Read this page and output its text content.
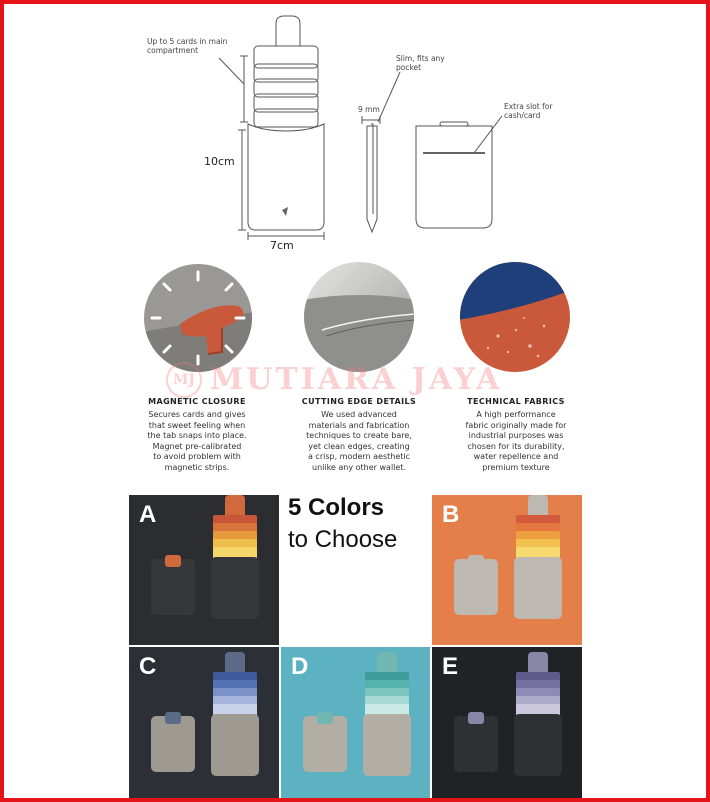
Up to 5 cards in main compartment
Slim, fits any pocket
9 mm	Extra slot for cash/card
10cm
7cm
MJ MUTIARA JAYA
MAGNETIC CLOSURE
Secures cards and gives
that sweet feeling when
the tab snaps into place.
Magnet pre-calibrated
to avoid problem with
magnetic strips.
CUTTING EDGE DETAILS
We used advanced
materials and fabrication
techniques to create bare,
yet clean edges, creating
a crisp, modern aesthetic
unlike any other wallet.
TECHNICAL FABRICS
A high performance
fabric originally made for
industrial purposes was
chosen for its durability,
water repellence and
premium texture
5 Colors
to Choose
A	B
C	D	E
